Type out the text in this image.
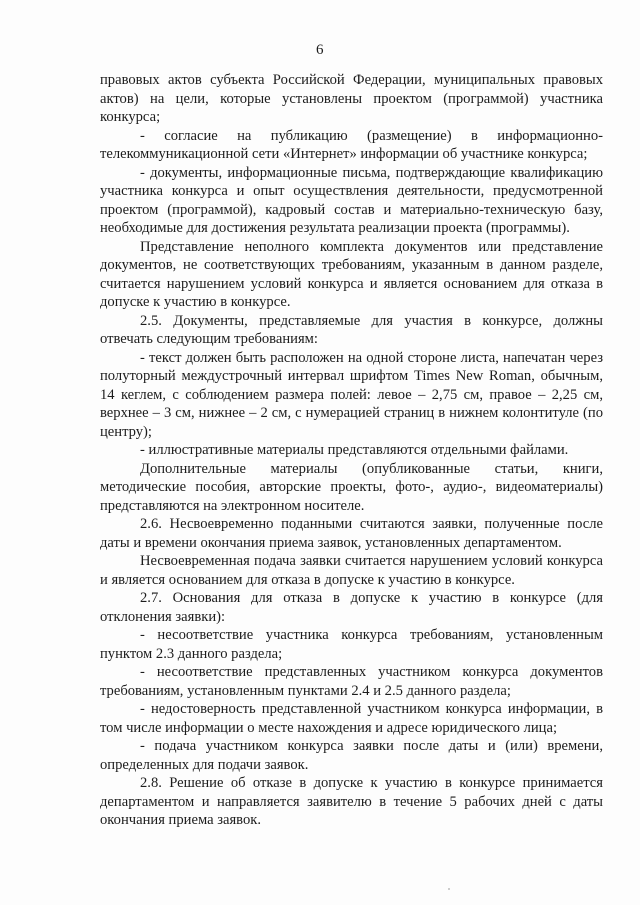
6

правовых актов субъекта Российской Федерации, муниципальных правовых актов) на цели, которые установлены проектом (программой) участника конкурса;

- согласие на публикацию (размещение) в информационно-телекоммуникационной сети «Интернет» информации об участнике конкурса;

- документы, информационные письма, подтверждающие квалификацию участника конкурса и опыт осуществления деятельности, предусмотренной проектом (программой), кадровый состав и материально-техническую базу, необходимые для достижения результата реализации проекта (программы).

Представление неполного комплекта документов или представление документов, не соответствующих требованиям, указанным в данном разделе, считается нарушением условий конкурса и является основанием для отказа в допуске к участию в конкурсе.

2.5. Документы, представляемые для участия в конкурсе, должны отвечать следующим требованиям:

- текст должен быть расположен на одной стороне листа, напечатан через полуторный междустрочный интервал шрифтом Times New Roman, обычным, 14 кеглем, с соблюдением размера полей: левое – 2,75 см, правое – 2,25 см, верхнее – 3 см, нижнее – 2 см, с нумерацией страниц в нижнем колонтитуле (по центру);

- иллюстративные материалы представляются отдельными файлами.

Дополнительные материалы (опубликованные статьи, книги, методические пособия, авторские проекты, фото-, аудио-, видеоматериалы) представляются на электронном носителе.

2.6. Несвоевременно поданными считаются заявки, полученные после даты и времени окончания приема заявок, установленных департаментом.

Несвоевременная подача заявки считается нарушением условий конкурса и является основанием для отказа в допуске к участию в конкурсе.

2.7. Основания для отказа в допуске к участию в конкурсе (для отклонения заявки):

- несоответствие участника конкурса требованиям, установленным пунктом 2.3 данного раздела;

- несоответствие представленных участником конкурса документов требованиям, установленным пунктами 2.4 и 2.5 данного раздела;

- недостоверность представленной участником конкурса информации, в том числе информации о месте нахождения и адресе юридического лица;

- подача участником конкурса заявки после даты и (или) времени, определенных для подачи заявок.

2.8. Решение об отказе в допуске к участию в конкурсе принимается департаментом и направляется заявителю в течение 5 рабочих дней с даты окончания приема заявок.
